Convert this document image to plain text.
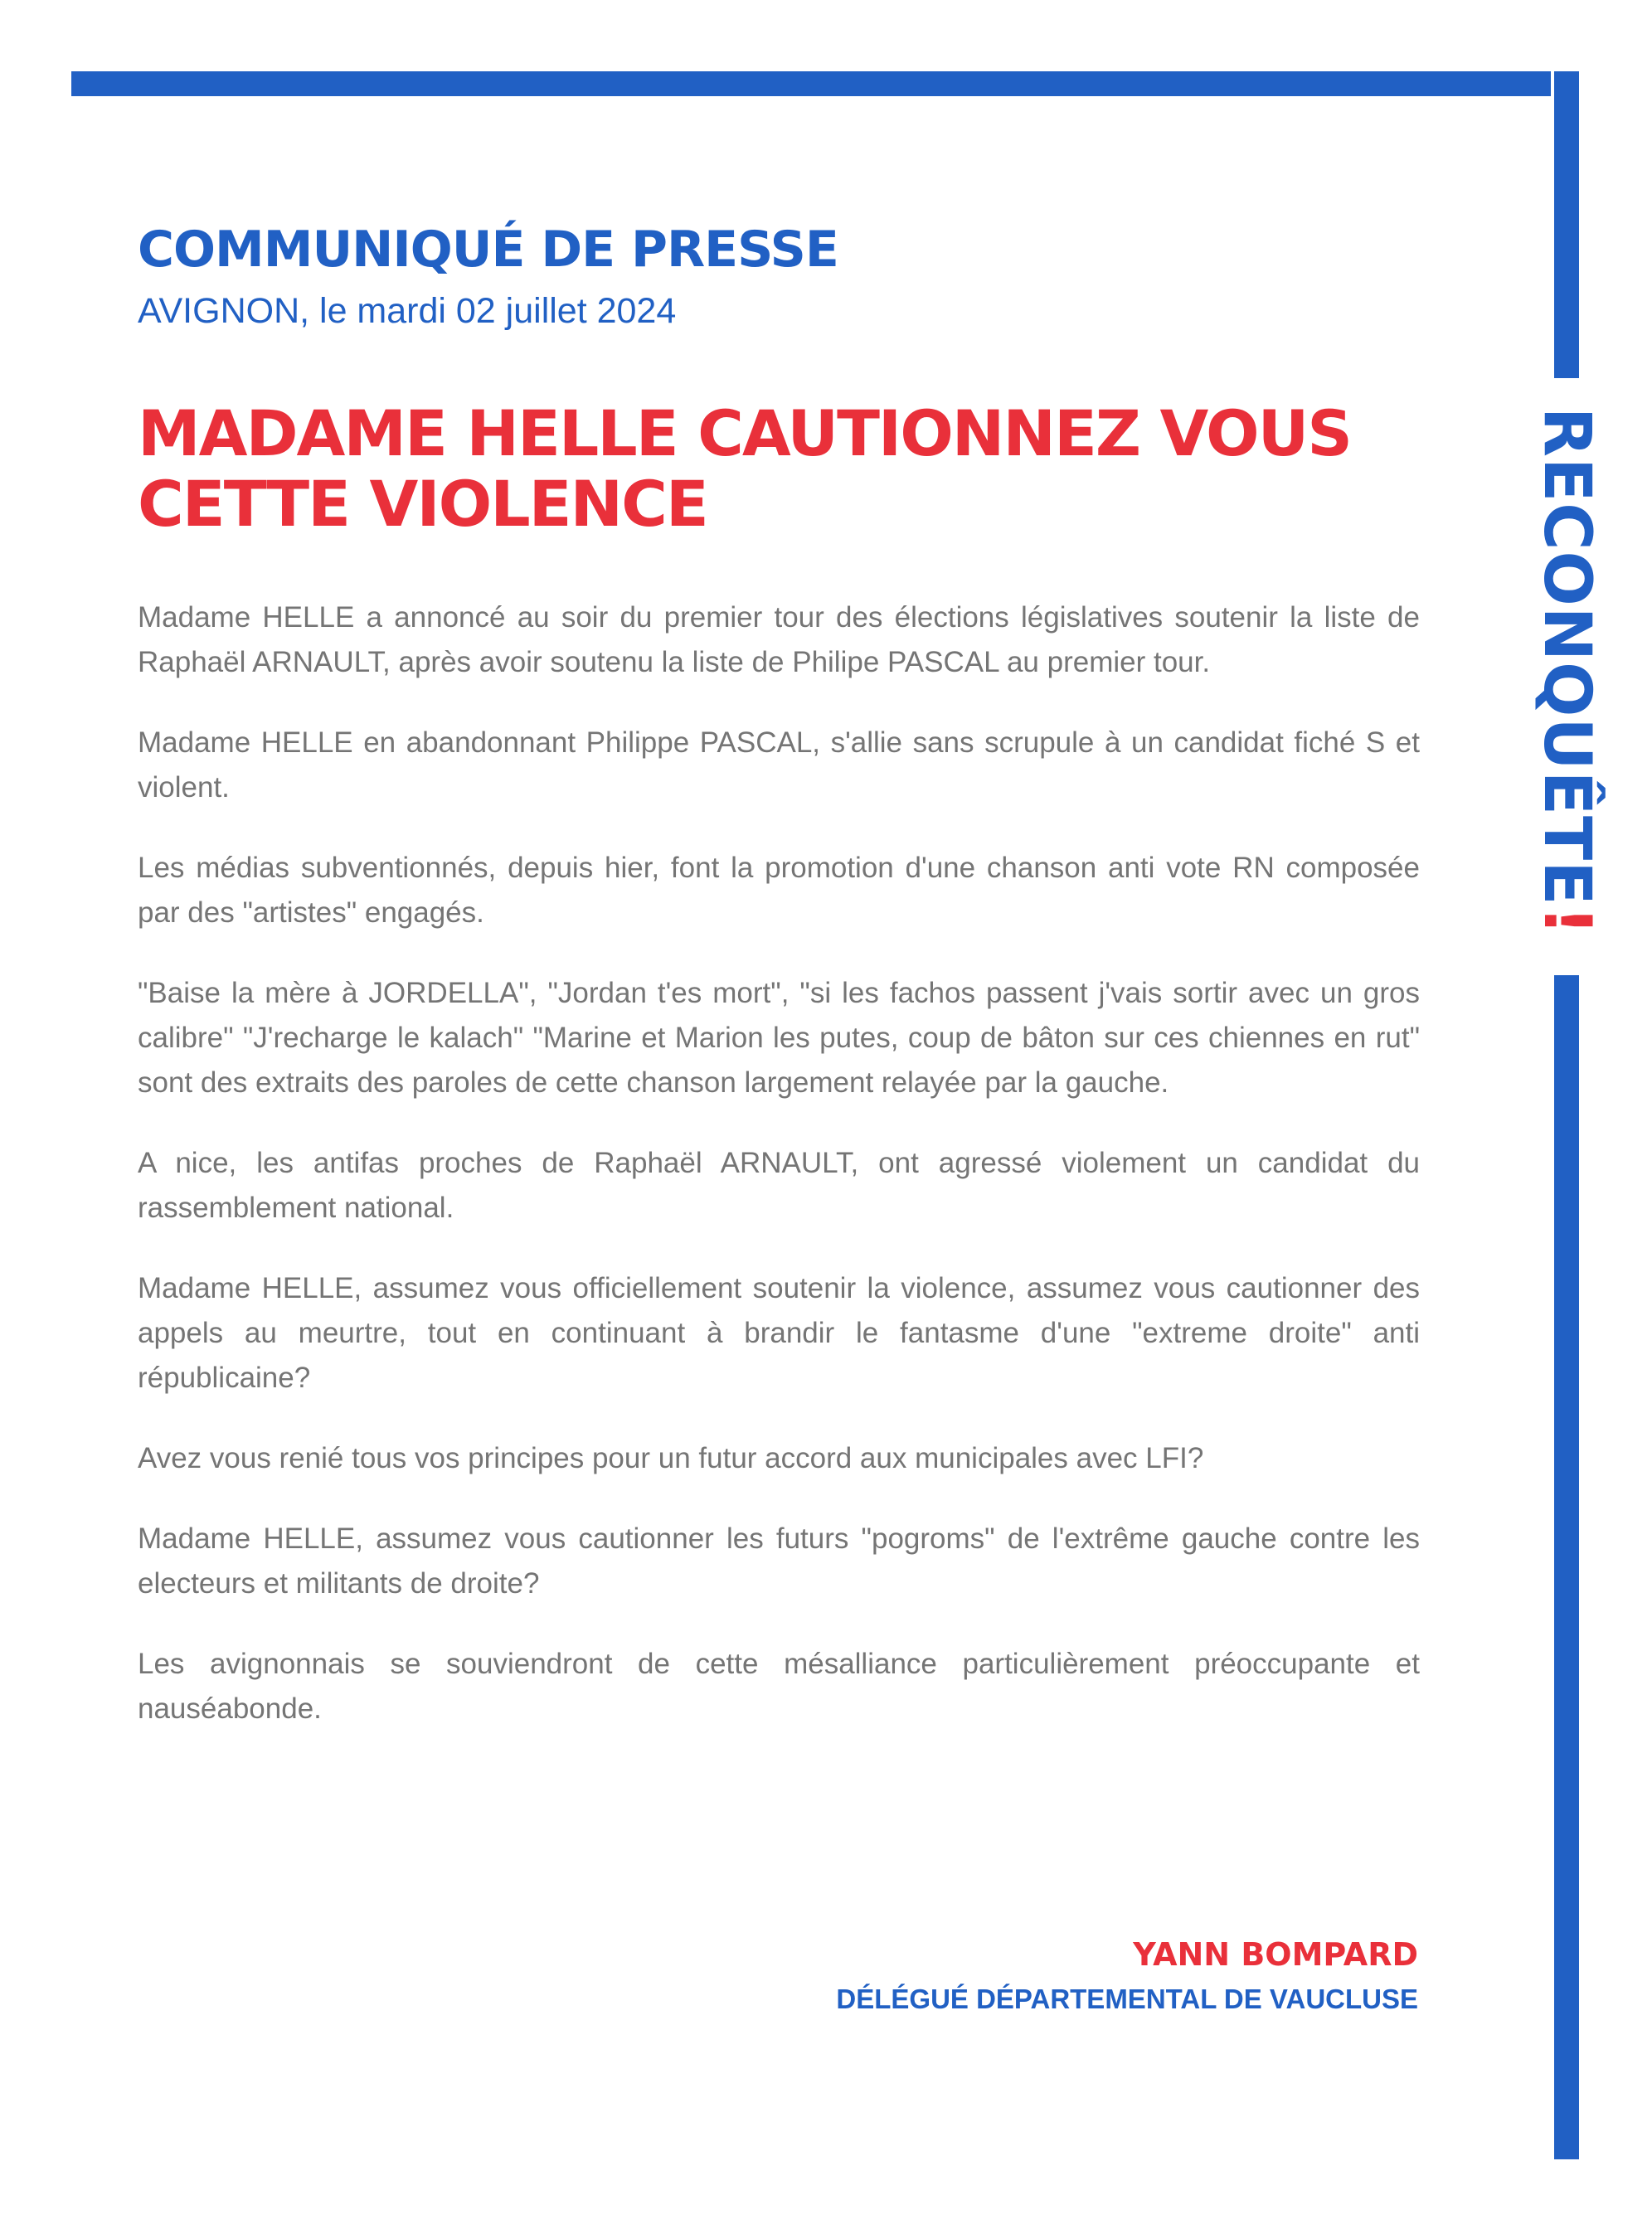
RECONQUÊTE!
COMMUNIQUÉ DE PRESSE
AVIGNON, le mardi 02 juillet 2024
MADAME HELLE CAUTIONNEZ VOUS CETTE VIOLENCE

Madame HELLE a annoncé au soir du premier tour des élections législatives soutenir la liste de Raphaël ARNAULT, après avoir soutenu la liste de Philipe PASCAL au premier tour.

Madame HELLE en abandonnant Philippe PASCAL, s'allie sans scrupule à un candidat fiché S et violent.

Les médias subventionnés, depuis hier, font la promotion d'une chanson anti vote RN composée par des "artistes" engagés.

"Baise la mère à JORDELLA", "Jordan t'es mort", "si les fachos passent j'vais sortir avec un gros calibre" "J'recharge le kalach" "Marine et Marion les putes, coup de bâton sur ces chiennes en rut" sont des extraits des paroles de cette chanson largement relayée par la gauche.

A nice, les antifas proches de Raphaël ARNAULT, ont agressé violement un candidat du rassemblement national.

Madame HELLE, assumez vous officiellement soutenir la violence, assumez vous cautionner des appels au meurtre, tout en continuant à brandir le fantasme d'une "extreme droite" anti républicaine?

Avez vous renié tous vos principes pour un futur accord aux municipales avec LFI?

Madame HELLE, assumez vous cautionner les futurs "pogroms" de l'extrême gauche contre les electeurs et militants de droite?

Les avignonnais se souviendront de cette mésalliance particulièrement préoccupante et nauséabonde.

YANN BOMPARD
DÉLÉGUÉ DÉPARTEMENTAL DE VAUCLUSE
